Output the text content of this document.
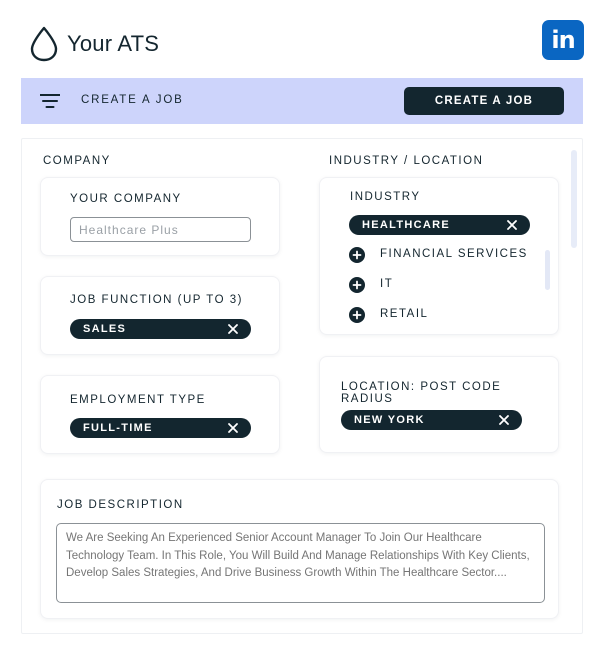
Your ATS	in
CREATE A JOB	CREATE A JOB
COMPANY
YOUR COMPANY
Healthcare Plus
JOB FUNCTION (UP TO 3)
SALES
EMPLOYMENT TYPE
FULL-TIME
INDUSTRY / LOCATION
INDUSTRY
HEALTHCARE
FINANCIAL SERVICES
IT
RETAIL
LOCATION: POST CODE RADIUS
NEW YORK
JOB DESCRIPTION
We Are Seeking An Experienced Senior Account Manager To Join Our Healthcare Technology Team. In This Role, You Will Build And Manage Relationships With Key Clients, Develop Sales Strategies, And Drive Business Growth Within The Healthcare Sector....
